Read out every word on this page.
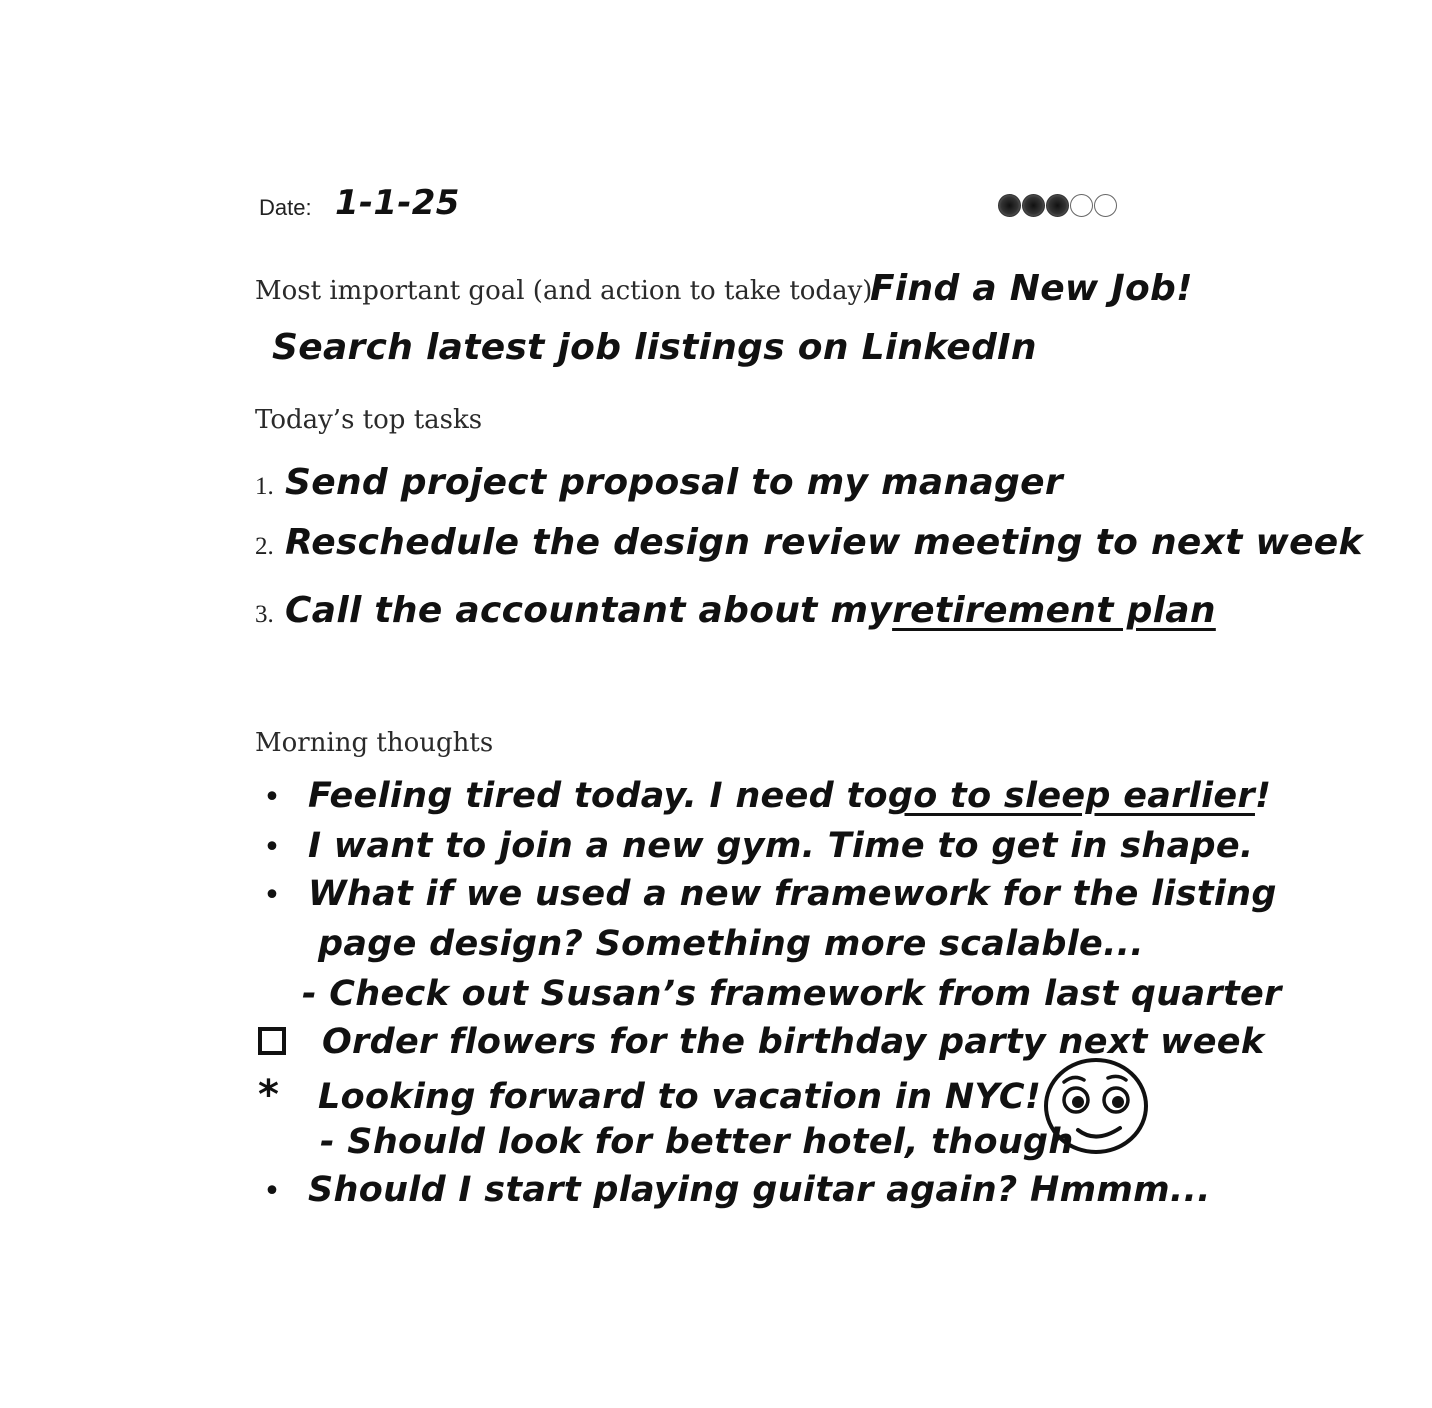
Date: 1-1-25
Most important goal (and action to take today)
Find a New Job!
Search latest job listings on LinkedIn
Today’s top tasks
1. Send project proposal to my manager
2. Reschedule the design review meeting to next week
3. Call the accountant about my retirement plan
Morning thoughts
• Feeling tired today. I need to go to sleep earlier !
• I want to join a new gym. Time to get in shape.
• What if we used a new framework for the listing
page design? Something more scalable...
- Check out Susan’s framework from last quarter
Order flowers for the birthday party next week
*	Looking forward to vacation in NYC!
- Should look for better hotel, though
• Should I start playing guitar again? Hmmm...
